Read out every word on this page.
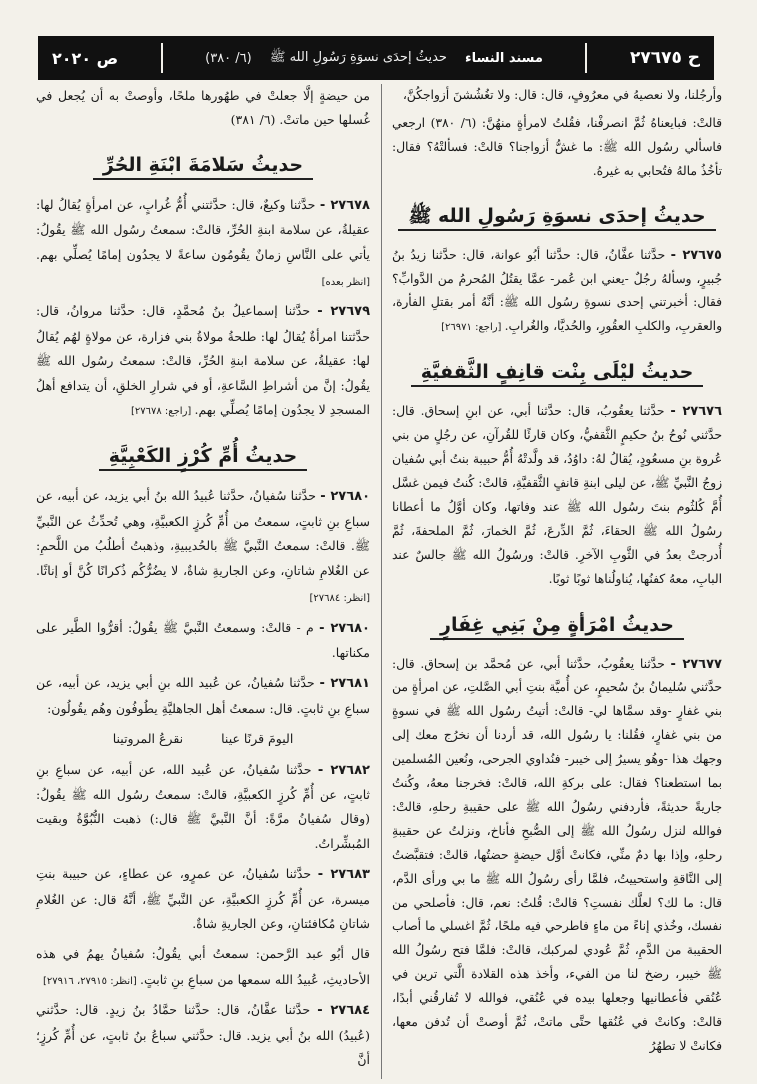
ح ٢٧٦٧٥
مسند النساء
حديثُ إحدَى نسوَةِ رَسُولِ الله ﷺ
(٦/ ٣٨٠)
ص ٢٠٢٠

وأرجُلنا، ولا نعصيهُ في معرُوفٍ، قال: قال: ولا تغُشُشنَ أزواجكُنَّ،

قالتْ: فبايعناهُ ثُمَّ انصرفْنا، فقُلتُ لامرأةٍ منهُنَّ: (٦/ ٣٨٠) ارجعي فاسألي رسُول الله ﷺ: ما غشُّ أزواجنا؟ قالتْ: فسألتْهُ؟ فقال: تأخُذُ مالهُ فتُحابي به غيرهُ.

حديثُ إحدَى نسوَةِ رَسُولِ الله ﷺ

٢٧٦٧٥ - حدَّثنا عفَّانُ، قال: حدَّثنا أبُو عوانة، قال: حدَّثنا زيدُ بنُ جُبيرٍ، وسألهُ رجُلٌ -يعني ابن عُمر- عمَّا يقتُلُ المُحرمُ من الدَّوابِّ؟ فقال: أخبرتني إحدى نسوةِ رسُول الله ﷺ: أنَّهُ أمر بقتلِ الفأرة، والعقربِ، والكلبِ العقُورِ، والحُديَّا، والغُرابِ. [راجع: ٢٦٩٧١]

حديثُ ليْلَى بِنْت قانِفٍ الثَّقفيَّةِ

٢٧٦٧٦ - حدَّثنا يعقُوبُ، قال: حدَّثنا أبي، عن ابنِ إسحاق. قال: حدَّثني نُوحُ بنُ حكيمٍ الثَّقفيُّ، وكان قارئًا للقُرآنِ، عن رجُلٍ من بني عُروة بنِ مسعُودٍ، يُقالُ لهُ: داوُدُ، قد ولَّدتْهُ أُمُّ حبيبة بنتُ أبي سُفيان زوجُ النَّبيِّ ﷺ، عن ليلى ابنةِ قانفٍ الثَّقفيَّةِ، قالتْ: كُنتُ فيمن غسَّل أُمَّ كُلثُوم بنتَ رسُول الله ﷺ عند وفاتها، وكان أوَّلُ ما أعطانا رسُولُ الله ﷺ الحقاءَ، ثُمَّ الدِّرعَ، ثُمَّ الخمارَ، ثُمَّ الملحفةَ، ثُمَّ أُدرجتْ بعدُ في الثَّوبِ الآخرِ. قالتْ: ورسُولُ الله ﷺ جالسٌ عند البابِ، معهُ كفنُها، يُناولُناها ثوبًا ثوبًا.

حديثُ امْرَأةٍ مِنْ بَنِي غِفَارٍ

٢٧٦٧٧ - حدَّثنا يعقُوبُ، حدَّثنا أبي، عن مُحمَّد بن إسحاق. قال: حدَّثني سُليمانُ بنُ سُحيمٍ، عن أُميَّة بنتِ أبي الصَّلتِ، عن امرأةٍ من بني غفارٍ -وقد سمَّاها لي- قالتْ: أتيتُ رسُول الله ﷺ في نسوةٍ من بني غفارٍ، فقُلنا: يا رسُول الله، قد أردنا أن نخرُج معك إلى وجهك هذا -وهُو يسيرُ إلى خيبر- فنُداوي الجرحى، ونُعين المُسلمين بما استطعنا؟ فقال: على بركةِ الله، قالتْ: فخرجنا معهُ، وكُنتُ جاريةً حديثةً، فأردفني رسُولُ الله ﷺ على حقيبةِ رحلهِ، قالتْ: فوالله لنزل رسُولُ الله ﷺ إلى الصُّبحِ فأناخ، ونزلتُ عن حقيبةِ رحلهِ، وإذا بها دمٌ منِّي، فكانتْ أوَّل حيضةٍ حضتُها، قالتْ: فتقبَّضتُ إلى النَّاقةِ واستحييتُ، فلمَّا رأى رسُولُ الله ﷺ ما بي ورأى الدَّم، قال: ما لك؟ لعلَّك نفستِ؟ قالتْ: قُلتُ: نعم، قال: فأصلحي من نفسك، وخُذي إناءً من ماءٍ فاطرحي فيه ملحًا، ثُمَّ اغسلي ما أصاب الحقيبة من الدَّمِ، ثُمَّ عُودي لمركبك، قالتْ: فلمَّا فتح رسُولُ الله ﷺ خيبر، رضخ لنا من الفيء، وأخذ هذه القلادة الَّتي ترين في عُنُقي فأعطانيها وجعلها بيده في عُنُقي، فوالله لا تُفارقُني أبدًا، قالتْ: وكانتْ في عُنُقها حتَّى ماتتْ، ثُمَّ أوصتْ أن تُدفن معها، فكانتْ لا تطهُرُ

من حيضةٍ إلَّا جعلتْ في طهُورها ملحًا، وأوصتْ به أن يُجعل في غُسلها حين ماتتْ. (٦/ ٣٨١)

حديثُ سَلامَةَ ابْنَةِ الحُرِّ

٢٧٦٧٨ - حدَّثنا وكيعٌ، قال: حدَّثتني أُمُّ غُرابٍ، عن امرأةٍ يُقالُ لها: عقيلةُ، عن سلامة ابنةِ الحُرِّ، قالتْ: سمعتُ رسُول الله ﷺ يقُولُ: يأتي على النَّاسِ زمانٌ يقُومُون ساعةً لا يجدُون إمامًا يُصلِّي بهم. [انظر بعده]

٢٧٦٧٩ - حدَّثنا إسماعيلُ بنُ مُحمَّدٍ، قال: حدَّثنا مروانُ، قال: حدَّثتنا امرأةٌ يُقالُ لها: طلحةُ مولاةُ بني فزارة، عن مولاةٍ لهُم يُقالُ لها: عقيلةُ، عن سلامة ابنةِ الحُرِّ، قالتْ: سمعتُ رسُول الله ﷺ يقُولُ: إنَّ من أشراطِ السَّاعةِ، أو في شرارِ الخلقِ، أن يتدافع أهلُ المسجدِ لا يجدُون إمامًا يُصلِّي بهم. [راجع: ٢٧٦٧٨]

حديثُ أُمِّ كُرْزٍ الكَعْبِيَّةِ

٢٧٦٨٠ - حدَّثنا سُفيانُ، حدَّثنا عُبيدُ الله بنُ أبي يزيد، عن أبيه، عن سباعِ بنِ ثابتٍ، سمعتُ من أُمِّ كُرزٍ الكعبيَّةِ، وهي تُحدِّثُ عن النَّبيِّ ﷺ. قالتْ: سمعتُ النَّبيَّ ﷺ بالحُديبيةِ، وذهبتُ أطلُبُ من اللَّحمِ: عن الغُلامِ شاتانِ، وعن الجاريةِ شاةٌ، لا يضُرُّكُم ذُكرانًا كُنَّ أو إناثًا. [انظر: ٢٧٦٨٤]

٢٧٦٨٠ - م - قالتْ: وسمعتُ النَّبيَّ ﷺ يقُولُ: أقرُّوا الطَّير على مكناتها.

٢٧٦٨١ - حدَّثنا سُفيانُ، عن عُبيد الله بنِ أبي يزيد، عن أبيه، عن سباعِ بنِ ثابتٍ. قال: سمعتُ أهل الجاهليَّةِ يطُوفُون وهُم يقُولُون:

اليومَ قرنًا عينا
نقرعُ المروتينا

٢٧٦٨٢ - حدَّثنا سُفيانُ، عن عُبيد الله، عن أبيه، عن سباعِ بنِ ثابتٍ، عن أُمِّ كُرزٍ الكعبيَّةِ، قالتْ: سمعتُ رسُول الله ﷺ يقُولُ: (وقال سُفيانُ مرَّةً: أنَّ النَّبيَّ ﷺ قال:) ذهبت النُّبُوَّةُ وبقيت المُبشِّراتُ.

٢٧٦٨٣ - حدَّثنا سُفيانُ، عن عمرٍو، عن عطاءٍ، عن حبيبة بنتِ ميسرة، عن أُمِّ كُرزٍ الكعبيَّةِ، عن النَّبيِّ ﷺ، أنَّهُ قال: عن الغُلامِ شاتانِ مُكافئتانِ، وعن الجاريةِ شاةٌ.

قال أبُو عبد الرَّحمن: سمعتُ أبي يقُولُ: سُفيانُ يهمُ في هذه الأحاديثِ، عُبيدُ الله سمعها من سباعِ بنِ ثابتٍ. [انظر: ٢٧٩١٥، ٢٧٩١٦]

٢٧٦٨٤ - حدَّثنا عفَّانُ، قال: حدَّثنا حمَّادُ بنُ زيدٍ. قال: حدَّثني (عُبيدُ) الله بنُ أبي يزيد. قال: حدَّثني سباعُ بنُ ثابتٍ، عن أُمِّ كُرزٍ؛ أنَّ
